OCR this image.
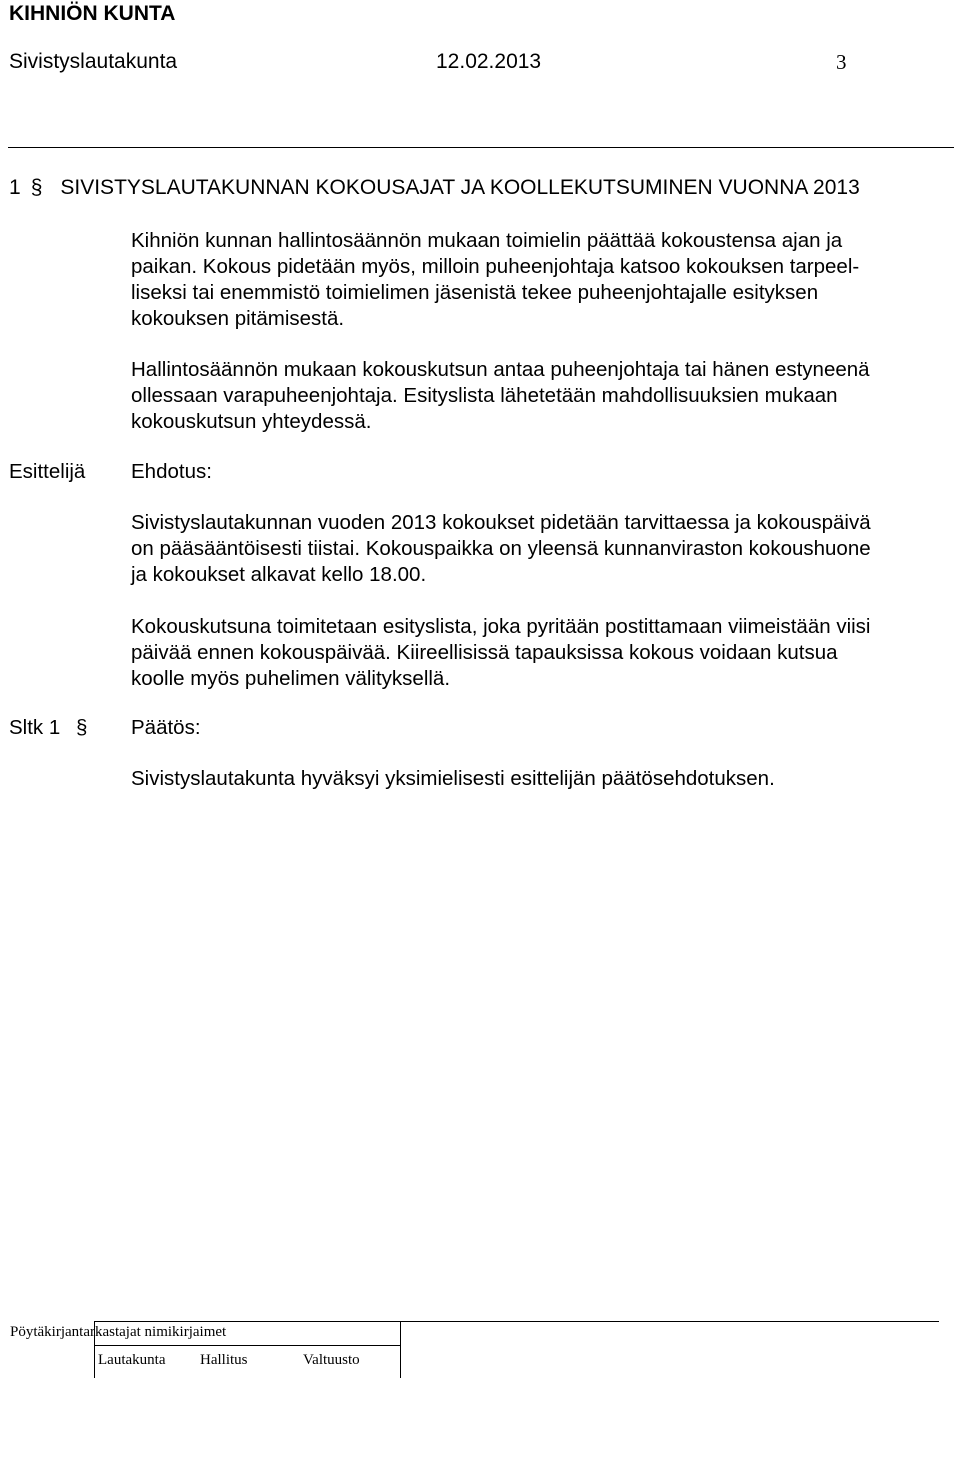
KIHNIÖN KUNTA
Sivistyslautakunta	12.02.2013	3
1 § SIVISTYSLAUTAKUNNAN KOKOUSAJAT JA KOOLLEKUTSUMINEN VUONNA 2013
Kihniön kunnan hallintosäännön mukaan toimielin päättää kokoustensa ajan ja
paikan. Kokous pidetään myös, milloin puheenjohtaja katsoo kokouksen tarpeel-
liseksi tai enemmistö toimielimen jäsenistä tekee puheenjohtajalle esityksen
kokouksen pitämisestä.
Hallintosäännön mukaan kokouskutsun antaa puheenjohtaja tai hänen estyneenä
ollessaan varapuheenjohtaja. Esityslista lähetetään mahdollisuuksien mukaan
kokouskutsun yhteydessä.
Esittelijä Ehdotus:
Sivistyslautakunnan vuoden 2013 kokoukset pidetään tarvittaessa ja kokouspäivä
on pääsääntöisesti tiistai. Kokouspaikka on yleensä kunnanviraston kokoushuone
ja kokoukset alkavat kello 18.00.
Kokouskutsuna toimitetaan esityslista, joka pyritään postittamaan viimeistään viisi
päivää ennen kokouspäivää. Kiireellisissä tapauksissa kokous voidaan kutsua
koolle myös puhelimen välityksellä.
Sltk 1 § Päätös:
Sivistyslautakunta hyväksyi yksimielisesti esittelijän päätösehdotuksen.
Pöytäkirjantarkastajat nimikirjaimet
Lautakunta Hallitus	Valtuusto
